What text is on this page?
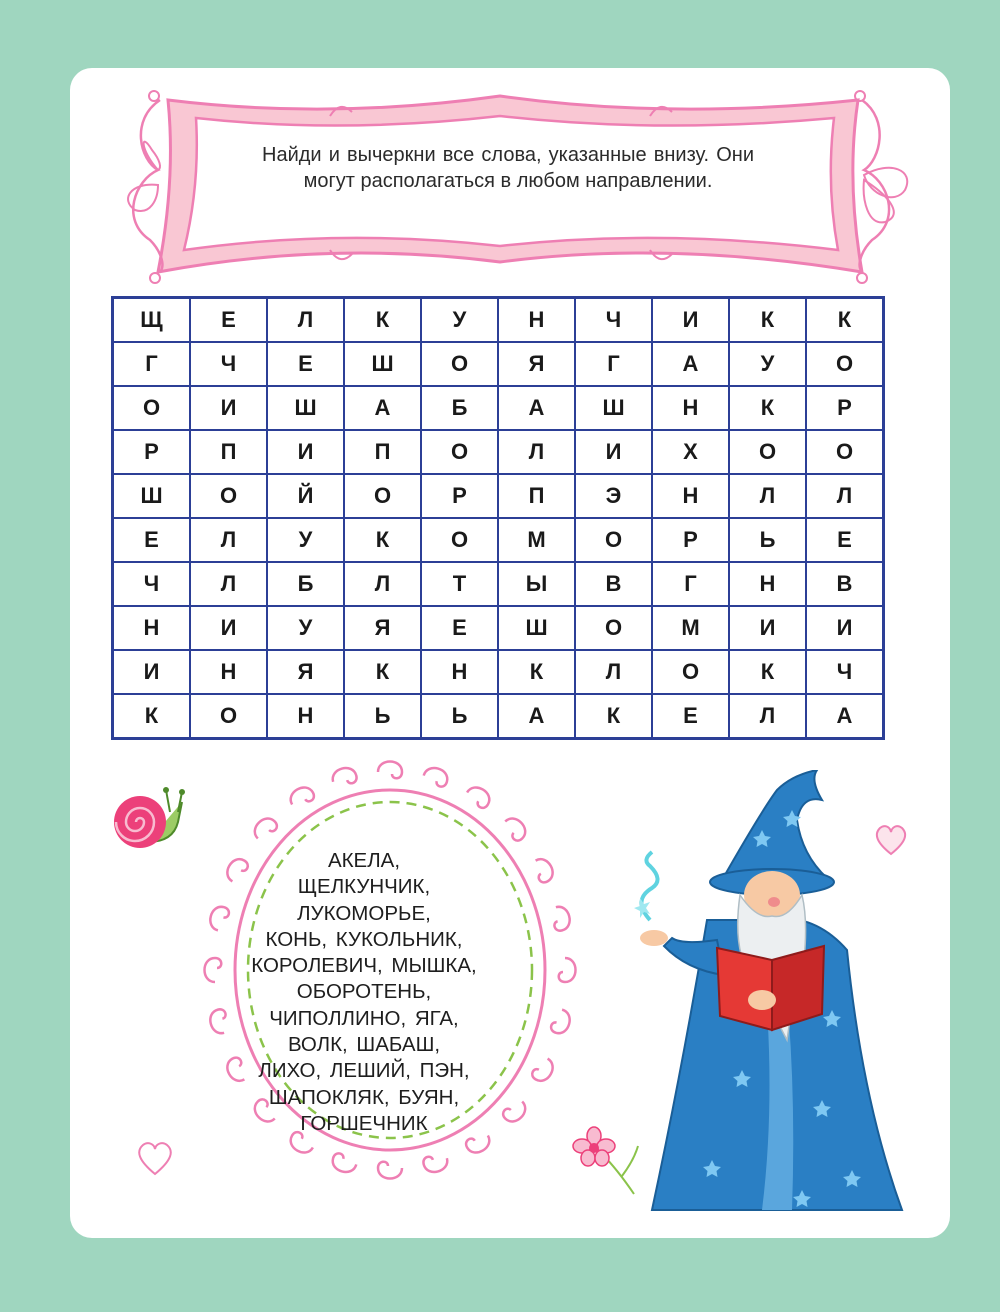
Найди и вычеркни все слова, указанные внизу. Они могут располагаться в любом направлении.
Щ	Е	Л	К	У	Н	Ч	И	К	К
Г	Ч	Е	Ш	О	Я	Г	А	У	О
О	И	Ш	А	Б	А	Ш	Н	К	Р
Р	П	И	П	О	Л	И	Х	О	О
Ш	О	Й	О	Р	П	Э	Н	Л	Л
Е	Л	У	К	О	М	О	Р	Ь	Е
Ч	Л	Б	Л	Т	Ы	В	Г	Н	В
Н	И	У	Я	Е	Ш	О	М	И	И
И	Н	Я	К	Н	К	Л	О	К	Ч
К	О	Н	Ь	Ь	А	К	Е	Л	А
АКЕЛА,
ЩЕЛКУНЧИК,
ЛУКОМОРЬЕ,
КОНЬ, КУКОЛЬНИК,
КОРОЛЕВИЧ, МЫШКА,
ОБОРОТЕНЬ,
ЧИПОЛЛИНО, ЯГА,
ВОЛК, ШАБАШ,
ЛИХО, ЛЕШИЙ, ПЭН,
ШАПОКЛЯК, БУЯН,
ГОРШЕЧНИК
